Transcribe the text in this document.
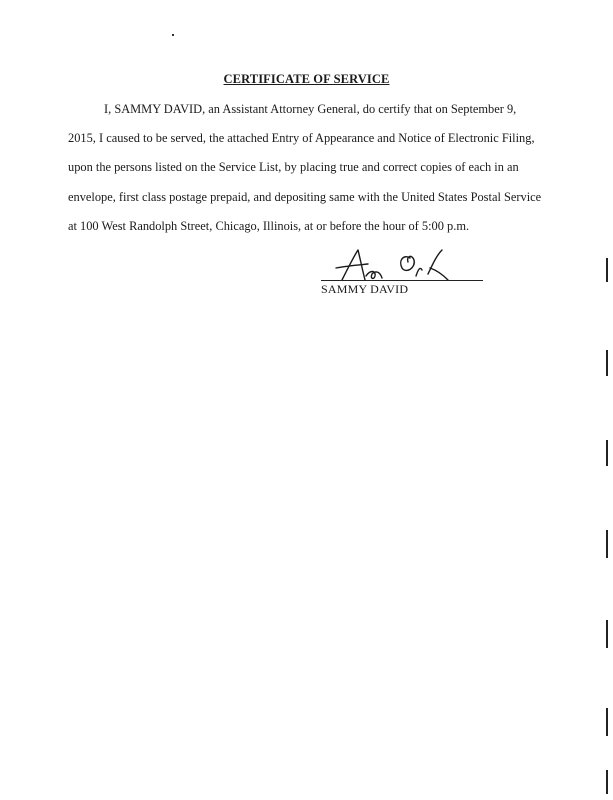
CERTIFICATE OF SERVICE

I, SAMMY DAVID, an Assistant Attorney General, do certify that on September 9,
2015, I caused to be served, the attached Entry of Appearance and Notice of Electronic Filing,
upon the persons listed on the Service List, by placing true and correct copies of each in an
envelope, first class postage prepaid, and depositing same with the United States Postal Service
at 100 West Randolph Street, Chicago, Illinois, at or before the hour of 5:00 p.m.

SAMMY DAVID
